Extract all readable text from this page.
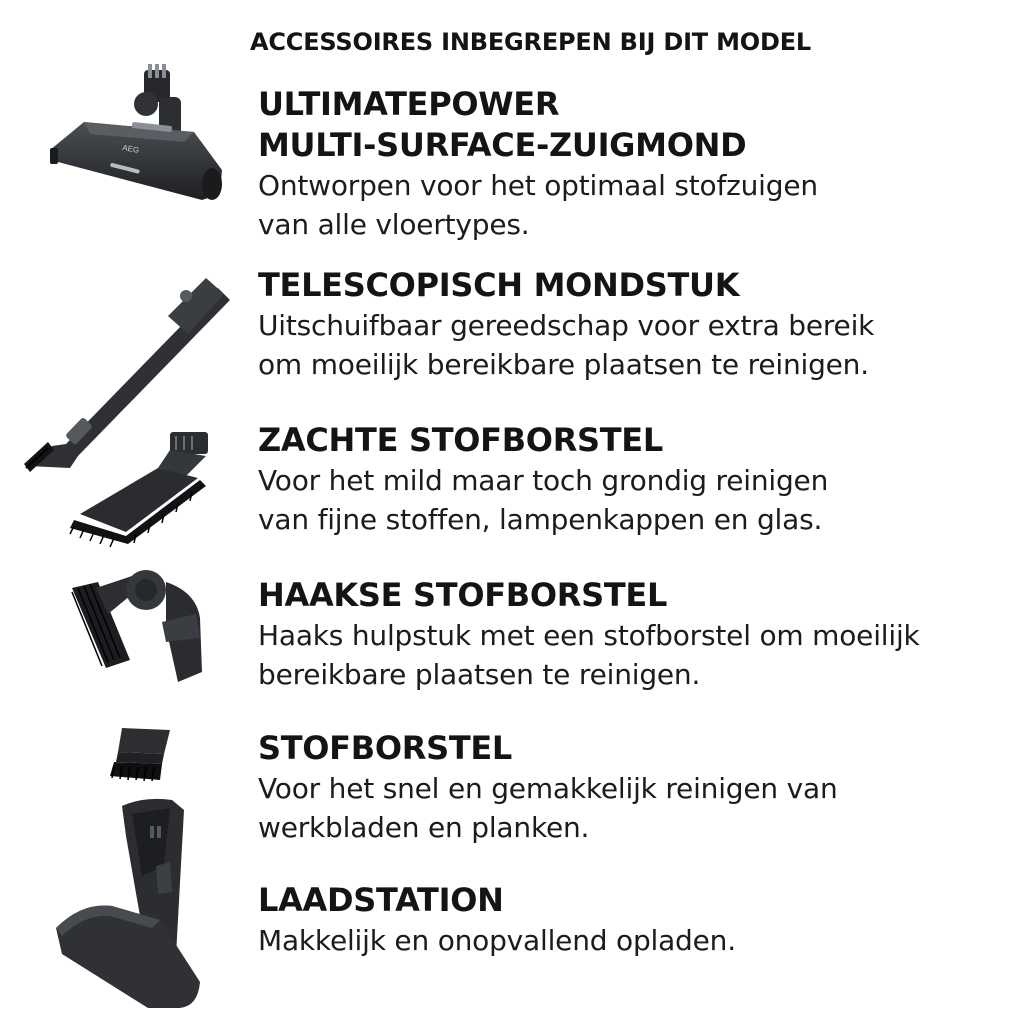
ACCESSOIRES INBEGREPEN BIJ DIT MODEL
AEG
ULTIMATEPOWER
MULTI-SURFACE-ZUIGMOND
Ontworpen voor het optimaal stofzuigen
van alle vloertypes.
TELESCOPISCH MONDSTUK
Uitschuifbaar gereedschap voor extra bereik
om moeilijk bereikbare plaatsen te reinigen.
ZACHTE STOFBORSTEL
Voor het mild maar toch grondig reinigen
van fijne stoffen, lampenkappen en glas.
HAAKSE STOFBORSTEL
Haaks hulpstuk met een stofborstel om moeilijk
bereikbare plaatsen te reinigen.
STOFBORSTEL
Voor het snel en gemakkelijk reinigen van
werkbladen en planken.
LAADSTATION
Makkelijk en onopvallend opladen.
